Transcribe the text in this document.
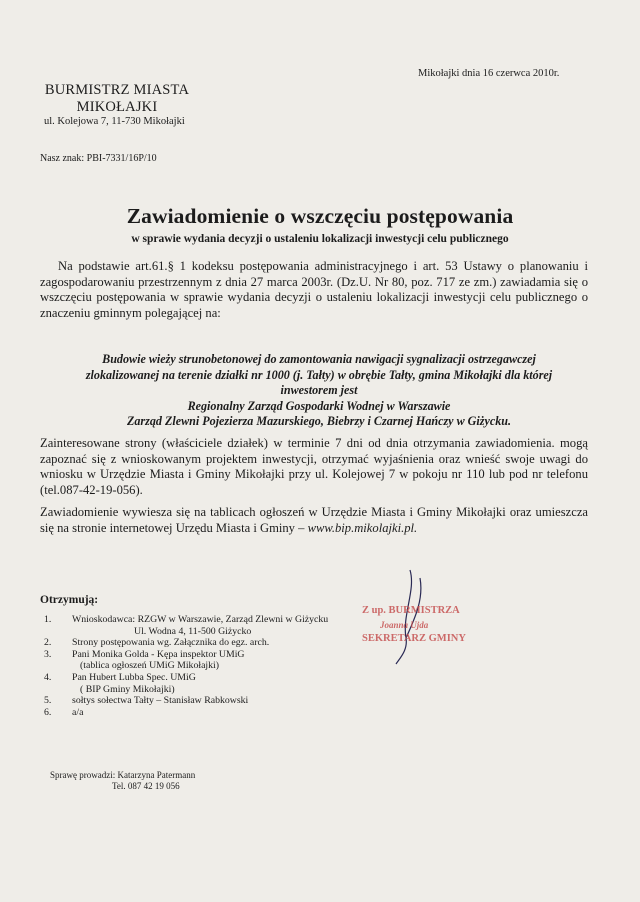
Mikołajki dnia 16 czerwca 2010r.
BURMISTRZ MIASTA
MIKOŁAJKI
ul. Kolejowa 7, 11-730 Mikołajki
Nasz znak: PBI-7331/16P/10
Zawiadomienie o wszczęciu postępowania
w sprawie wydania decyzji o ustaleniu lokalizacji inwestycji celu publicznego
Na podstawie art.61.§ 1 kodeksu postępowania administracyjnego i art. 53 Ustawy o planowaniu i zagospodarowaniu przestrzennym z dnia 27 marca 2003r. (Dz.U. Nr 80, poz. 717 ze zm.) zawiadamia się o wszczęciu postępowania w sprawie wydania decyzji o ustaleniu lokalizacji inwestycji celu publicznego o znaczeniu gminnym polegającej na:
Budowie wieży strunobetonowej do zamontowania nawigacji sygnalizacji ostrzegawczej
zlokalizowanej na terenie działki nr 1000 (j. Tałty) w obrębie Tałty, gmina Mikołajki dla której
inwestorem jest
Regionalny Zarząd Gospodarki Wodnej w Warszawie
Zarząd Zlewni Pojezierza Mazurskiego, Biebrzy i Czarnej Hańczy w Giżycku.
Zainteresowane strony (właściciele działek) w terminie 7 dni od dnia otrzymania zawiadomienia. mogą zapoznać się z wnioskowanym projektem inwestycji, otrzymać wyjaśnienia oraz wnieść swoje uwagi do wniosku w Urzędzie Miasta i Gminy Mikołajki przy ul. Kolejowej 7 w pokoju nr 110 lub pod nr telefonu (tel.087-42-19-056).
Zawiadomienie wywiesza się na tablicach ogłoszeń w Urzędzie Miasta i Gminy Mikołajki oraz umieszcza się na stronie internetowej Urzędu Miasta i Gminy – www.bip.mikolajki.pl.
Otrzymują:
1.	Wnioskodawca: RZGW w Warszawie, Zarząd Zlewni w Giżycku
Ul. Wodna 4, 11-500 Giżycko
2.	Strony postępowania wg. Załącznika do egz. arch.
3.	Pani Monika Golda - Kępa inspektor UMiG
(tablica ogłoszeń UMiG Mikołajki)
4.	Pan Hubert Lubba Spec. UMiG
( BIP Gminy Mikołajki)
5.	sołtys sołectwa Tałty – Stanisław Rabkowski
6.	a/a
Sprawę prowadzi: Katarzyna Patermann
Tel. 087 42 19 056
Z up. BURMISTRZA
Joanna Ujda
SEKRETARZ GMINY
